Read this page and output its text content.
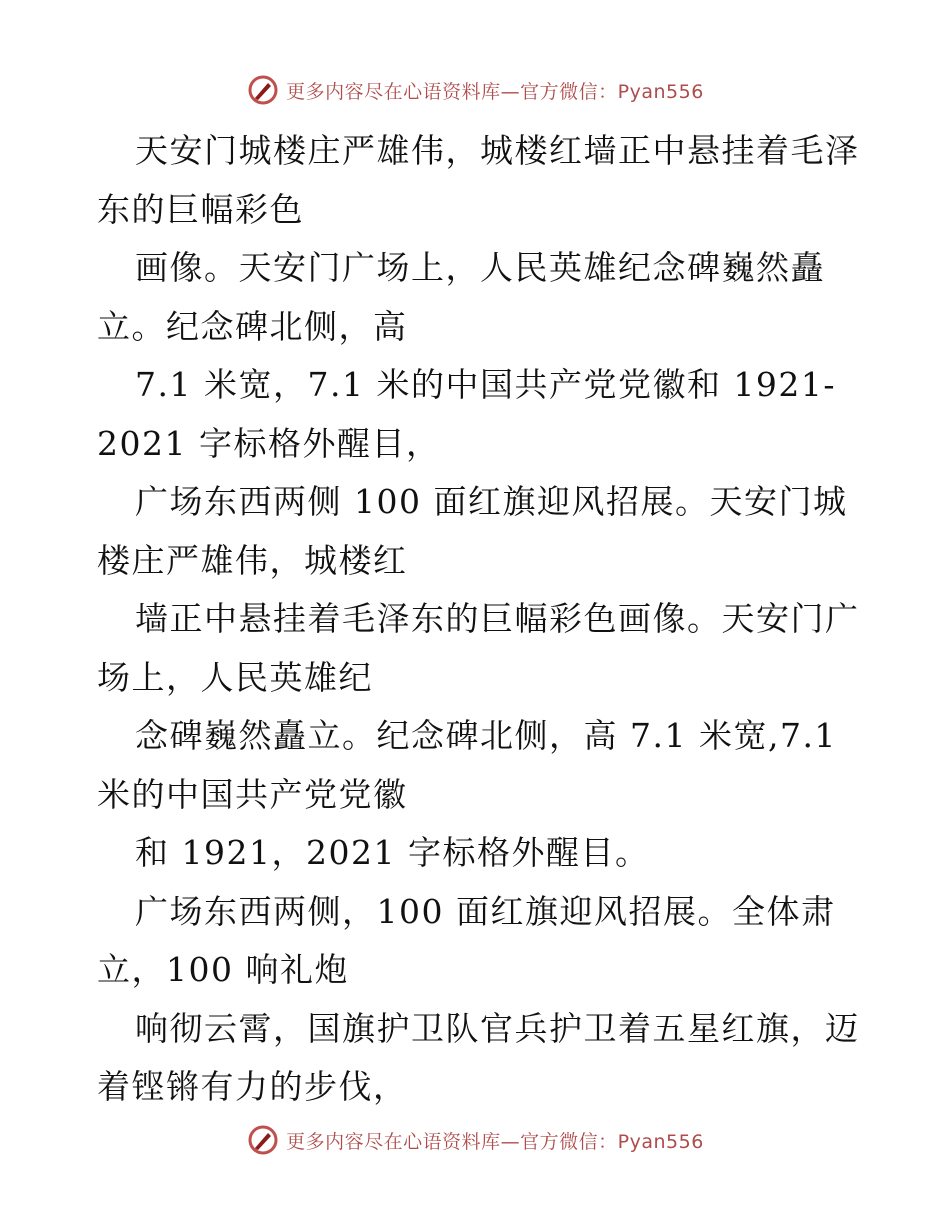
更多内容尽在心语资料库—官方微信：Pyan556
天安门城楼庄严雄伟，城楼红墙正中悬挂着毛泽
东的巨幅彩色
画像。天安门广场上，人民英雄纪念碑巍然矗
立。纪念碑北侧，高
7.1 米宽，7.1 米的中国共产党党徽和 1921-
2021 字标格外醒目，
广场东西两侧 100 面红旗迎风招展。天安门城
楼庄严雄伟，城楼红
墙正中悬挂着毛泽东的巨幅彩色画像。天安门广
场上，人民英雄纪
念碑巍然矗立。纪念碑北侧，高 7.1 米宽,7.1
米的中国共产党党徽
和 1921，2021 字标格外醒目。
广场东西两侧，100 面红旗迎风招展。全体肃
立，100 响礼炮
响彻云霄，国旗护卫队官兵护卫着五星红旗，迈
着铿锵有力的步伐，
更多内容尽在心语资料库—官方微信：Pyan556
